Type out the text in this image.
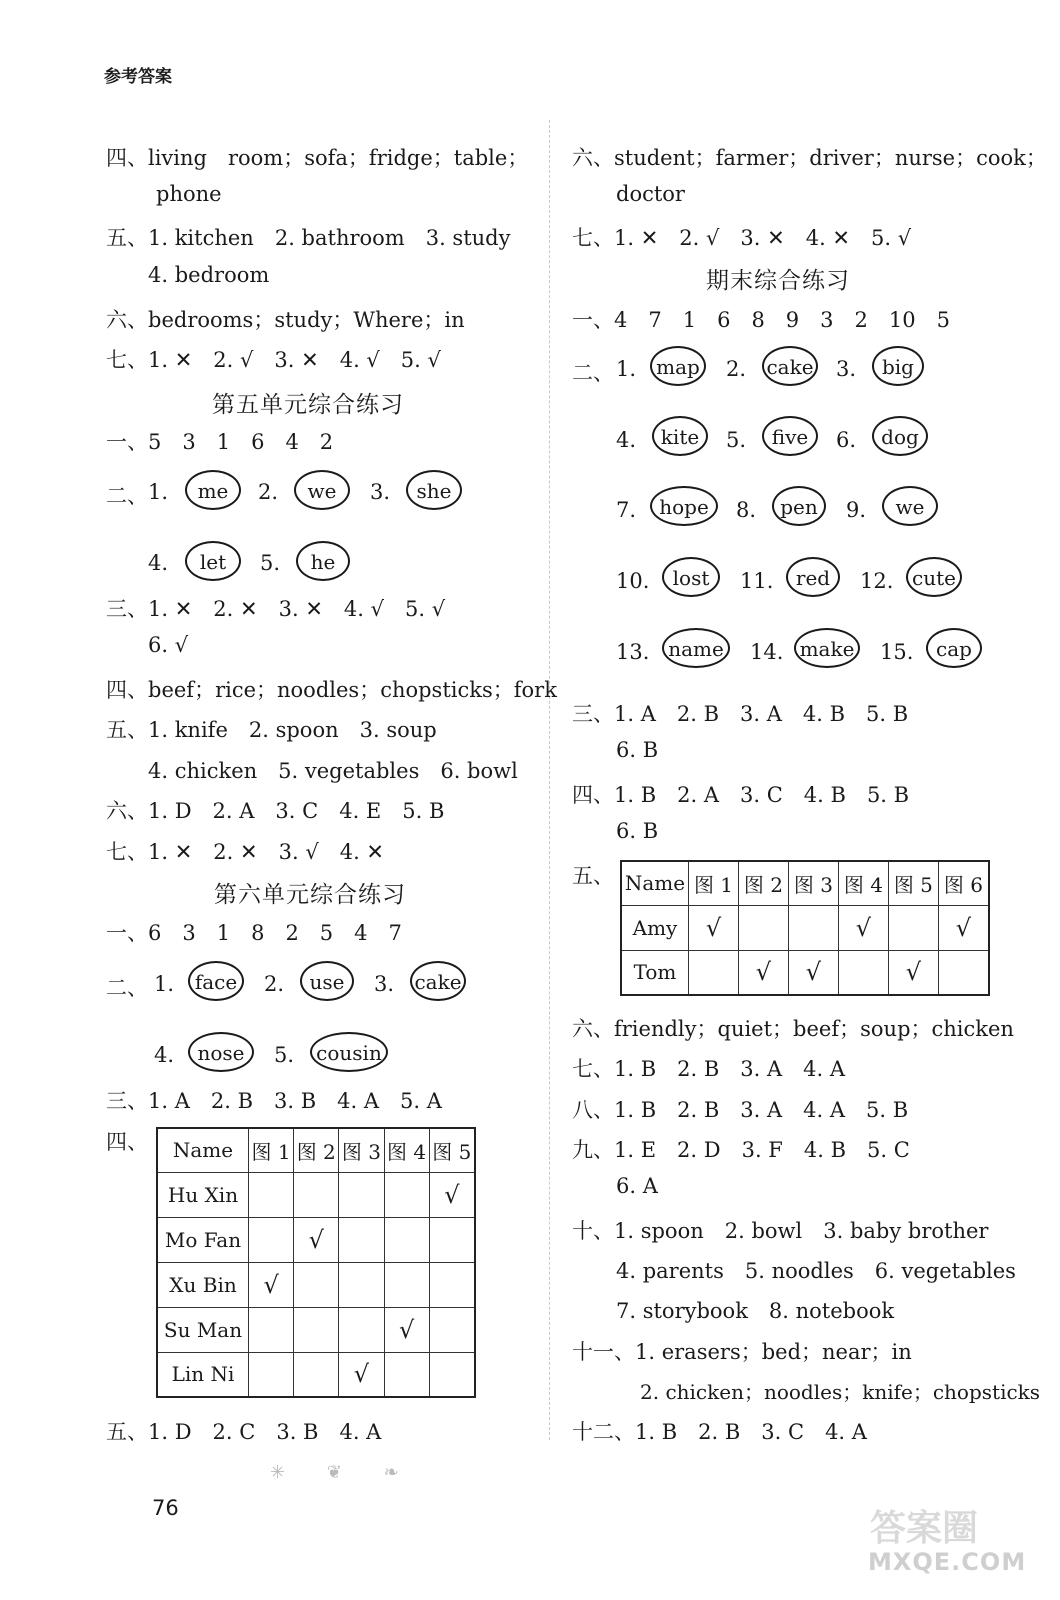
参考答案
四、living　room；sofa；fridge；table；
phone
五、1. kitchen　2. bathroom　3. study
4. bedroom
六、bedrooms；study；Where；in
七、1. ✕　2. √　3. ✕　4. √　5. √
第五单元综合练习
一、5　3　1　6　4　2
二、 1.	me	2.	we	3.	she
4.	let	5.	he
三、1. ✕　2. ✕　3. ✕　4. √　5. √
6. √
四、beef；rice；noodles；chopsticks；fork
五、1. knife　2. spoon　3. soup
4. chicken　5. vegetables　6. bowl
六、1. D　2. A　3. C　4. E　5. B
七、1. ✕　2. ✕　3. √　4. ✕
第六单元综合练习
一、6　3　1　8　2　5　4　7
二、 1.	face	2.	use	3. cake
4.	nose	5.	cousin
三、1. A　2. B　3. B　4. A　5. A
四、 Name	图 1	图 2	图 3	图 4	图 5
Hu Xin					√
Mo Fan		√			
Xu Bin	√				
Su Man				√	
Lin Ni			√		
五、1. D　2. C　3. B　4. A
六、student；farmer；driver；nurse；cook；
doctor
七、1. ✕　2. √　3. ✕　4. ✕　5. √
期末综合练习
一、4　7　1　6　8　9　3　2　10　5
二、 1.	map 2. cake 3.	big
4.	kite	5.	five	6.	dog
7.	hope	8.	pen	9.	we
10.	lost	11.	red	12. cute
13. name 14. make 15.	cap
三、1. A　2. B　3. A　4. B　5. B
6. B
四、1. B　2. A　3. C　4. B　5. B
6. B
五、 Name	图 1	图 2	图 3	图 4	图 5	图 6
Amy	√			√		√
Tom		√	√		√	
六、friendly；quiet；beef；soup；chicken
七、1. B　2. B　3. A　4. A
八、1. B　2. B　3. A　4. A　5. B
九、1. E　2. D　3. F　4. B　5. C
6. A
十、1. spoon　2. bowl　3. baby brother
4. parents　5. noodles　6. vegetables
7. storybook　8. notebook
十一、1. erasers；bed；near；in
2. chicken；noodles；knife；chopsticks
十二、1. B　2. B　3. C　4. A
✳ ❦ ❧
76	答案圈
MXQE.COM
